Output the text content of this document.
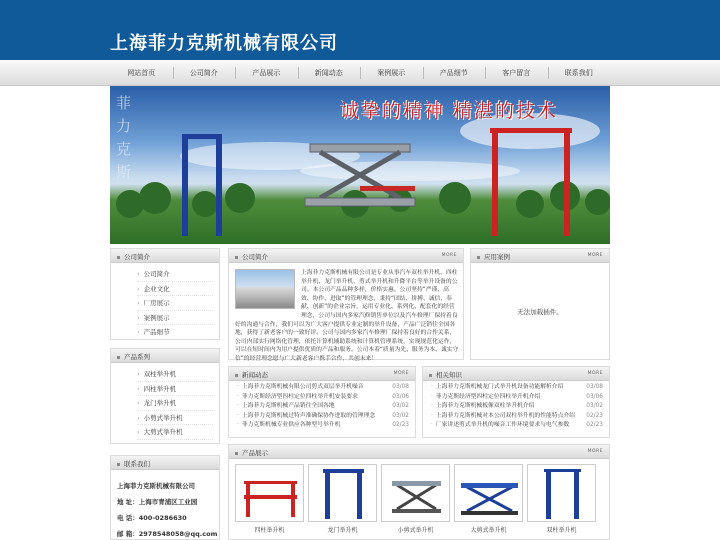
上海菲力克斯机械有限公司
网站首页	公司简介	产品展示	新闻动态	案例展示	产品细节	客户留言	联系我们
菲力克斯
诚挚的精神 精湛的技术
公司简介
› 公司简介
› 企业文化
› 厂房展示
› 案例展示
› 产品细节
产品系列
› 双柱举升机
› 四柱举升机
› 龙门举升机
› 小剪式举升机
› 大剪式举升机
联系我们
上海菲力克斯机械有限公司
地 址：上海市青浦区工业园
电 话：400-0286630
邮 箱：2978548058@qq.com
公司简介	MORE
上海菲力克斯机械有限公司是专业从事汽车双柱举升机、四柱举升机、龙门举升机、剪式举升机和升降平台等举升设备的公司。本公司产品品种多样，价格实惠。公司坚持“严谨、高效、协作、进取”的管理理念，秉持“团结、拼搏、诚信、奉献、创新”的企业宗旨，运用专业化、系列化、配套化的经营理念，公司与国内多家汽修销售单位以及汽车修理厂保持着良好的沟通与合作，我们可以为广大客户提供专业定制的举升设备，产品广泛销往全国各地，获得了新老客户的一致好评。公司与国内多家汽车修理厂保持着良好的合作关系，公司内部实行网络化管理，依托计算机辅助系统和计算机管理系统，实现规范化运作，可以在短时间内为用户提供优质的产品和服务。公司本着“质量为先、服务为本、诚实守信”的经营理念愿与广大新老客户携手合作，共创未来！
应用案例	MORE
无法加载插件。
新闻动态	MORE
· 上海菲力克斯机械有限公司剪式双层举升机噪音	03/08
· 菲力克斯经济型四柱定位四柱举升机安装要求	03/06
· 上海菲力克斯机械产品销往全国各地	03/02
· 上海菲力克斯机械过特声准确保协作进取的管理理念	03/02
· 菲力克斯机械专业供应各种型号举升机	02/23
相关知识	MORE
· 上海菲力克斯机械龙门式举升机设备功能解析介绍	03/08
· 菲力克斯经济型四柱定位四柱举升机介绍	03/06
· 上海菲力克斯机械板像双柱举升机介绍	03/02
· 上海菲力克斯机械对本公司双柱举升机的性能特点介绍 02/23
· 厂家讲述剪式举升机的噪音工作环境要求与电气参数	02/23
产品展示	MORE
四柱举升机	龙门举升机	小剪式举升机	大剪式举升机	双柱举升机
